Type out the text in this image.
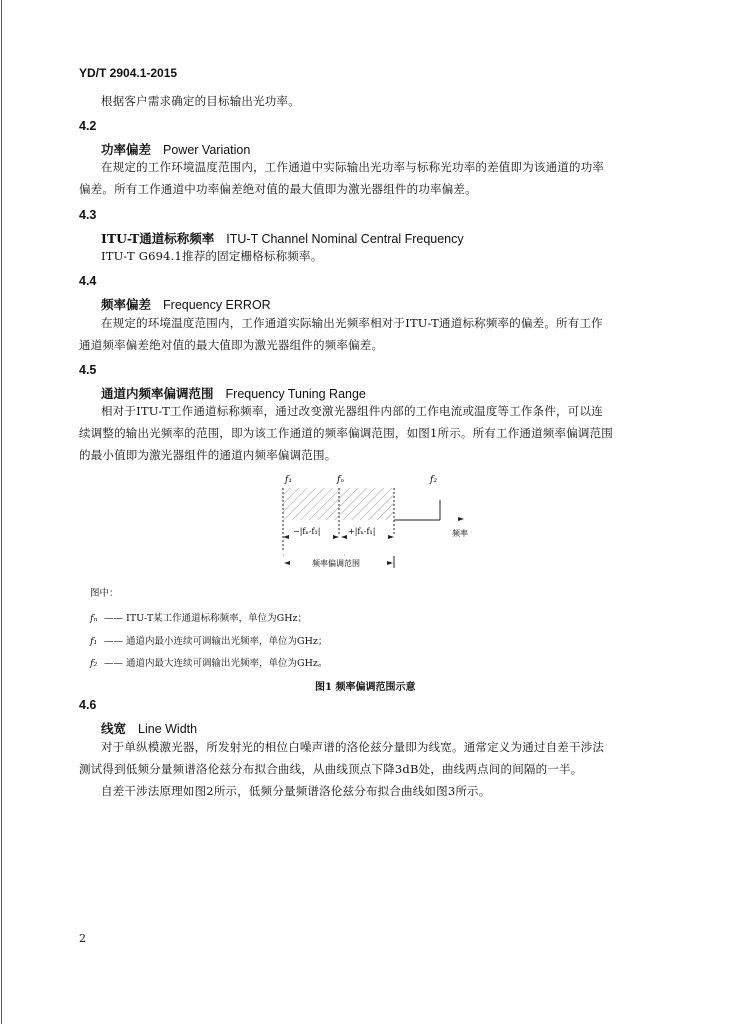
YD/T 2904.1-2015
根据客户需求确定的目标输出光功率。
4.2
功率偏差 Power Variation
在规定的工作环境温度范围内，工作通道中实际输出光功率与标称光功率的差值即为该通道的功率
偏差。所有工作通道中功率偏差绝对值的最大值即为激光器组件的功率偏差。
4.3
ITU-T通道标称频率 ITU-T Channel Nominal Central Frequency
ITU-T G694.1推荐的固定栅格标称频率。
4.4
频率偏差 Frequency ERROR
在规定的环境温度范围内，工作通道实际输出光频率相对于ITU-T通道标称频率的偏差。所有工作
通道频率偏差绝对值的最大值即为激光器组件的频率偏差。
4.5
通道内频率偏调范围 Frequency Tuning Range
相对于ITU-T工作通道标称频率，通过改变激光器组件内部的工作电流或温度等工作条件，可以连
续调整的输出光频率的范围，即为该工作通道的频率偏调范围，如图1所示。所有工作通道频率偏调范围
的最小值即为激光器组件的通道内频率偏调范围。
f₁	fₙ	f₂
−|fₙ-f₁|	+|fₙ-f₁|	频率
频率偏调范围
图中：
fₙ —— ITU-T某工作通道标称频率，单位为GHz；
f₁ —— 通道内最小连续可调输出光频率，单位为GHz；
f₂ —— 通道内最大连续可调输出光频率，单位为GHz。
图1 频率偏调范围示意
4.6
线宽 Line Width
对于单纵模激光器，所发射光的相位白噪声谱的洛伦兹分量即为线宽。通常定义为通过自差干涉法
测试得到低频分量频谱洛伦兹分布拟合曲线，从曲线顶点下降3dB处，曲线两点间的间隔的一半。
自差干涉法原理如图2所示，低频分量频谱洛伦兹分布拟合曲线如图3所示。
2
